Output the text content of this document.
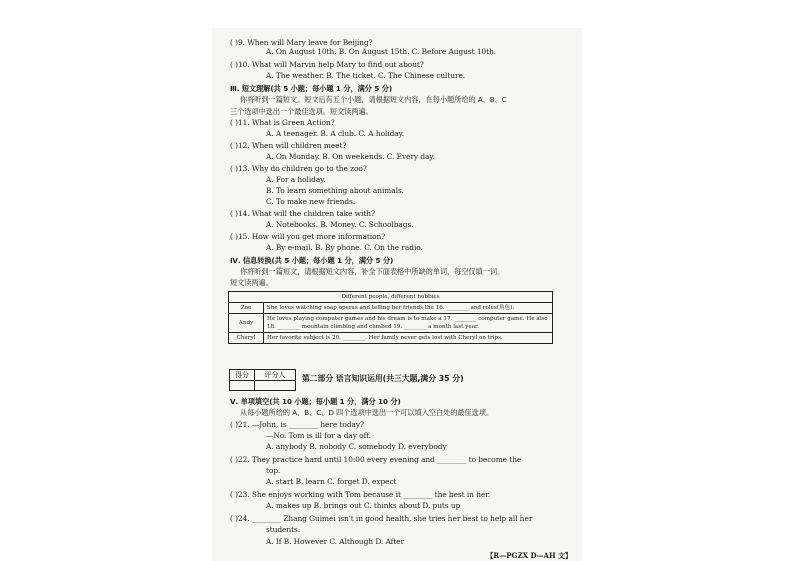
( )9. When will Mary leave for Beijing?
A. On August 10th. B. On August 15th. C. Before August 10th.
( )10. What will Marvin help Mary to find out about?
A. The weather. B. The ticket. C. The Chinese culture.
Ⅲ. 短文理解(共 5 小题；每小题 1 分，满分 5 分)
你将听到一篇短文。短文后有五个小题，请根据短文内容，在每小题所给的 A、B、C
三个选项中选出一个最佳选项。短文读两遍。
( )11. What is Green Action?
A. A teenager. B. A club. C. A holiday.
( )12. When will children meet?
A. On Monday. B. On weekends. C. Every day.
( )13. Why do children go to the zoo?
A. For a holiday.
B. To learn something about animals.
C. To make new friends.
( )14. What will the children take with?
A. Notebooks. B. Money. C. Schoolbags.
( )15. How will you get more information?
A. By e-mail. B. By phone. C. On the radio.
Ⅳ. 信息转换(共 5 小题；每小题 1 分，满分 5 分)
你将听到一篇短文，请根据短文内容，补全下面表格中所缺的单词，每空仅填一词。
短文读两遍。
Different people, different hobbies	
Zoe	She loves watching soap operas and telling her friends the 16. ________ and roles(角色).
Andy	He loves playing computer games and his dream is to make a 17. ________ computer game. He also 18. ________ mountain climbing and climbed 19. ________ a month last year.
Cheryl	Her favorite subject is 20. ________. Her family never gets lost with Cheryl on trips.
得分	评分人
	第二部分 语言知识运用(共三大题,满分 35 分)
Ⅴ. 单项填空(共 10 小题；每小题 1 分，满分 10 分)
从每小题所给的 A、B、C、D 四个选项中选出一个可以填入空白处的最佳选项。
( )21. —John, is ________ here today?
—No. Tom is ill for a day off.
A. anybody B. nobody C. somebody D. everybody
( )22. They practice hard until 10:00 every evening and ________ to become the
top.
A. start B. learn C. forget D. expect
( )23. She enjoys working with Tom because it ________ the best in her.
A. makes up B. brings out C. thinks about D. puts up
( )24. ________ Zhang Guimei isn't in good health, she tries her best to help all her
students.
A. If B. However C. Although D. After
【R—PGZX D—AH 文】
